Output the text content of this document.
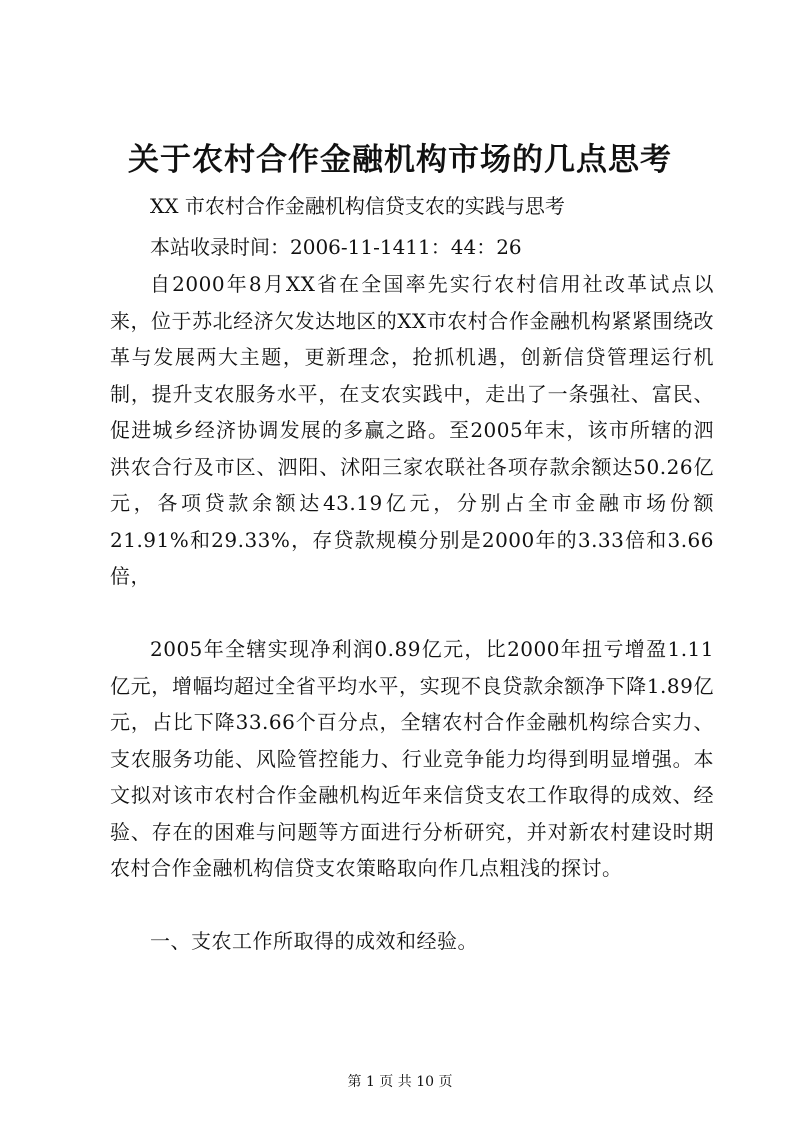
关于农村合作金融机构市场的几点思考

XX 市农村合作金融机构信贷支农的实践与思考

本站收录时间：2006-11-1411：44：26

自2000年8月XX省在全国率先实行农村信用社改革试点以来，位于苏北经济欠发达地区的XX市农村合作金融机构紧紧围绕改革与发展两大主题，更新理念，抢抓机遇，创新信贷管理运行机制，提升支农服务水平，在支农实践中，走出了一条强社、富民、促进城乡经济协调发展的多赢之路。至2005年末，该市所辖的泗洪农合行及市区、泗阳、沭阳三家农联社各项存款余额达50.26亿元，各项贷款余额达43.19亿元，分别占全市金融市场份额21.91%和29.33%，存贷款规模分别是2000年的3.33倍和3.66倍，

2005年全辖实现净利润0.89亿元，比2000年扭亏增盈1.11亿元，增幅均超过全省平均水平，实现不良贷款余额净下降1.89亿元，占比下降33.66个百分点，全辖农村合作金融机构综合实力、支农服务功能、风险管控能力、行业竞争能力均得到明显增强。本文拟对该市农村合作金融机构近年来信贷支农工作取得的成效、经验、存在的困难与问题等方面进行分析研究，并对新农村建设时期农村合作金融机构信贷支农策略取向作几点粗浅的探讨。

一、支农工作所取得的成效和经验。

第 1 页 共 10 页
